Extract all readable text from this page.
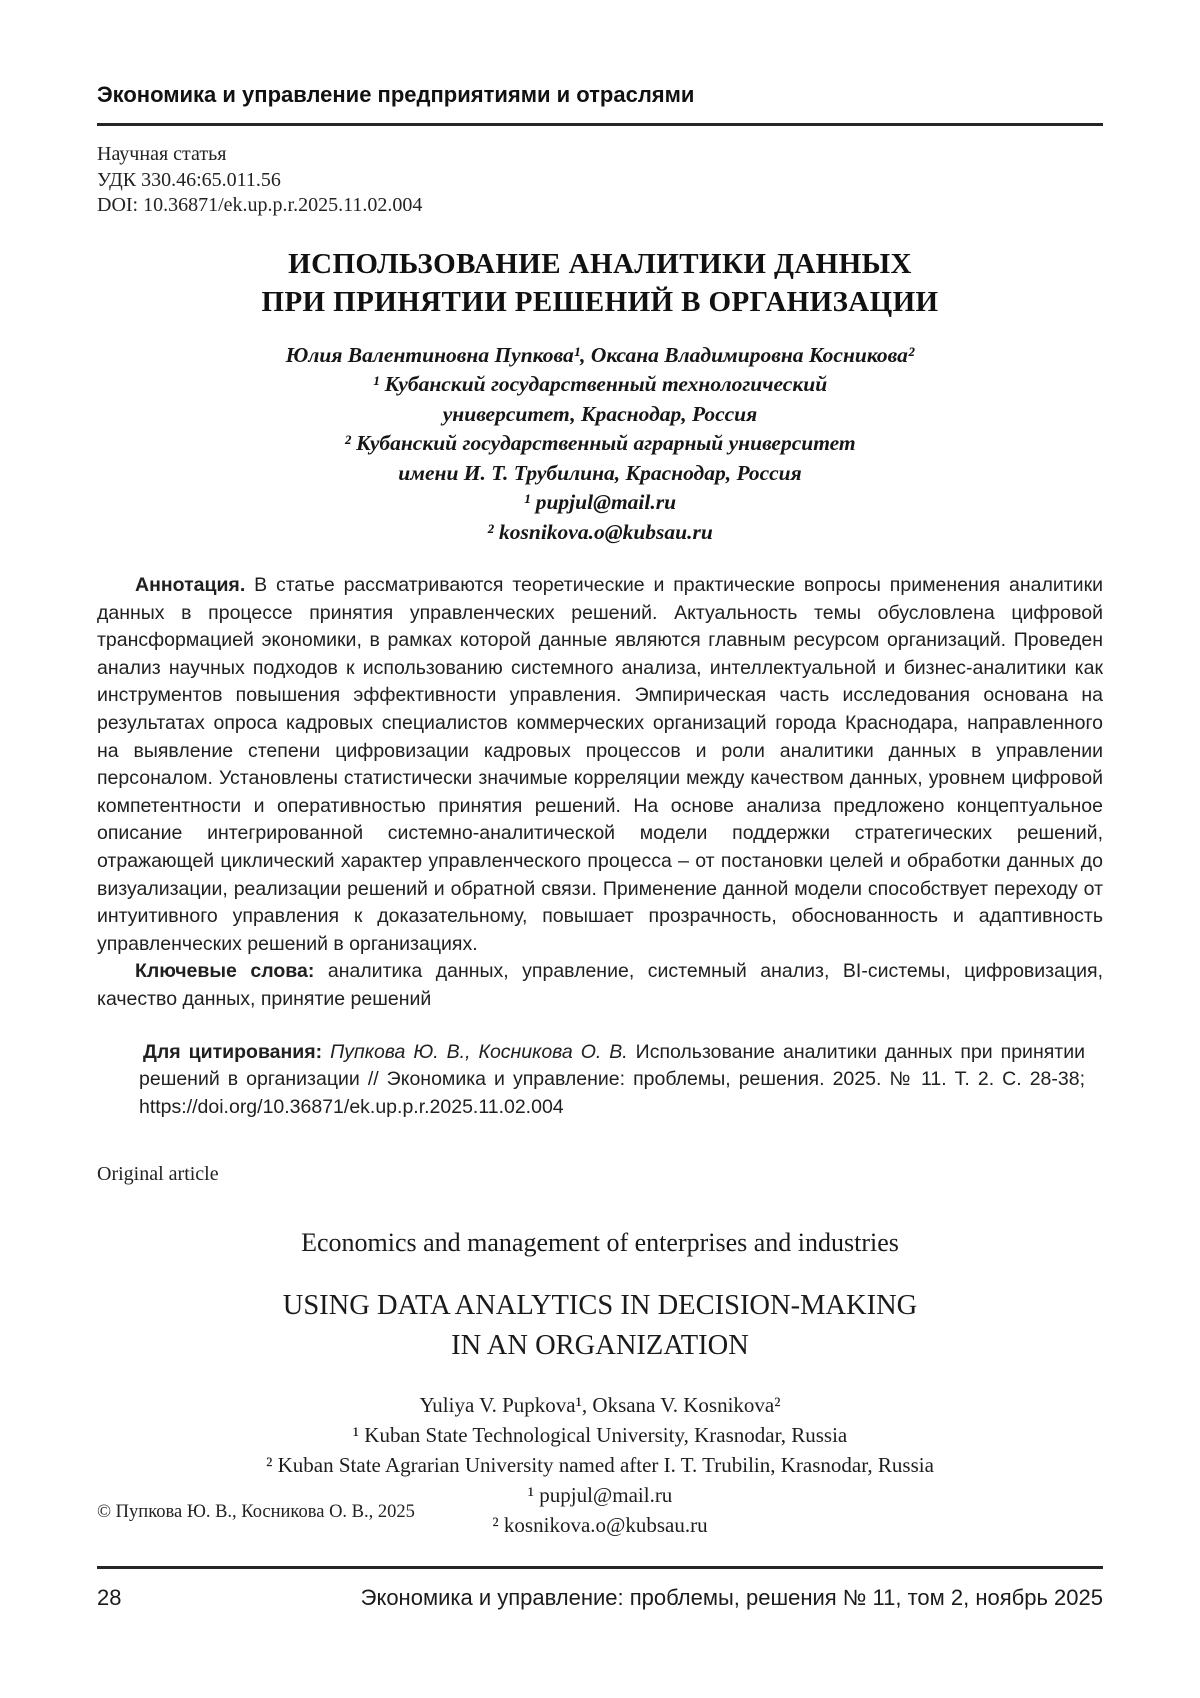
Экономика и управление предприятиями и отраслями
Научная статья
УДК 330.46:65.011.56
DOI: 10.36871/ek.up.p.r.2025.11.02.004
ИСПОЛЬЗОВАНИЕ АНАЛИТИКИ ДАННЫХ
ПРИ ПРИНЯТИИ РЕШЕНИЙ В ОРГАНИЗАЦИИ
Юлия Валентиновна Пупкова¹, Оксана Владимировна Косникова²
¹ Кубанский государственный технологический
университет, Краснодар, Россия
² Кубанский государственный аграрный университет
имени И. Т. Трубилина, Краснодар, Россия
¹ pupjul@mail.ru
² kosnikova.o@kubsau.ru

Аннотация. В статье рассматриваются теоретические и практические вопросы применения аналитики данных в процессе принятия управленческих решений. Актуальность темы обусловлена цифровой трансформацией экономики, в рамках которой данные являются главным ресурсом организаций. Проведен анализ научных подходов к использованию системного анализа, интеллектуальной и бизнес-аналитики как инструментов повышения эффективности управления. Эмпирическая часть исследования основана на результатах опроса кадровых специалистов коммерческих организаций города Краснодара, направленного на выявление степени цифровизации кадровых процессов и роли аналитики данных в управлении персоналом. Установлены статистически значимые корреляции между качеством данных, уровнем цифровой компетентности и оперативностью принятия решений. На основе анализа предложено концептуальное описание интегрированной системно-аналитической модели поддержки стратегических решений, отражающей циклический характер управленческого процесса – от постановки целей и обработки данных до визуализации, реализации решений и обратной связи. Применение данной модели способствует переходу от интуитивного управления к доказательному, повышает прозрачность, обоснованность и адаптивность управленческих решений в организациях.

Ключевые слова: аналитика данных, управление, системный анализ, BI-системы, цифровизация, качество данных, принятие решений

Для цитирования: Пупкова Ю. В., Косникова О. В. Использование аналитики данных при принятии решений в организации // Экономика и управление: проблемы, решения. 2025. № 11. Т. 2. С. 28-38; https://doi.org/10.36871/ek.up.p.r.2025.11.02.004
Original article
Economics and management of enterprises and industries
USING DATA ANALYTICS IN DECISION-MAKING
IN AN ORGANIZATION
Yuliya V. Pupkova¹, Oksana V. Kosnikova²
¹ Kuban State Technological University, Krasnodar, Russia
² Kuban State Agrarian University named after I. T. Trubilin, Krasnodar, Russia
¹ pupjul@mail.ru
² kosnikova.o@kubsau.ru
© Пупкова Ю. В., Косникова О. В., 2025
28	Экономика и управление: проблемы, решения № 11, том 2, ноябрь 2025
